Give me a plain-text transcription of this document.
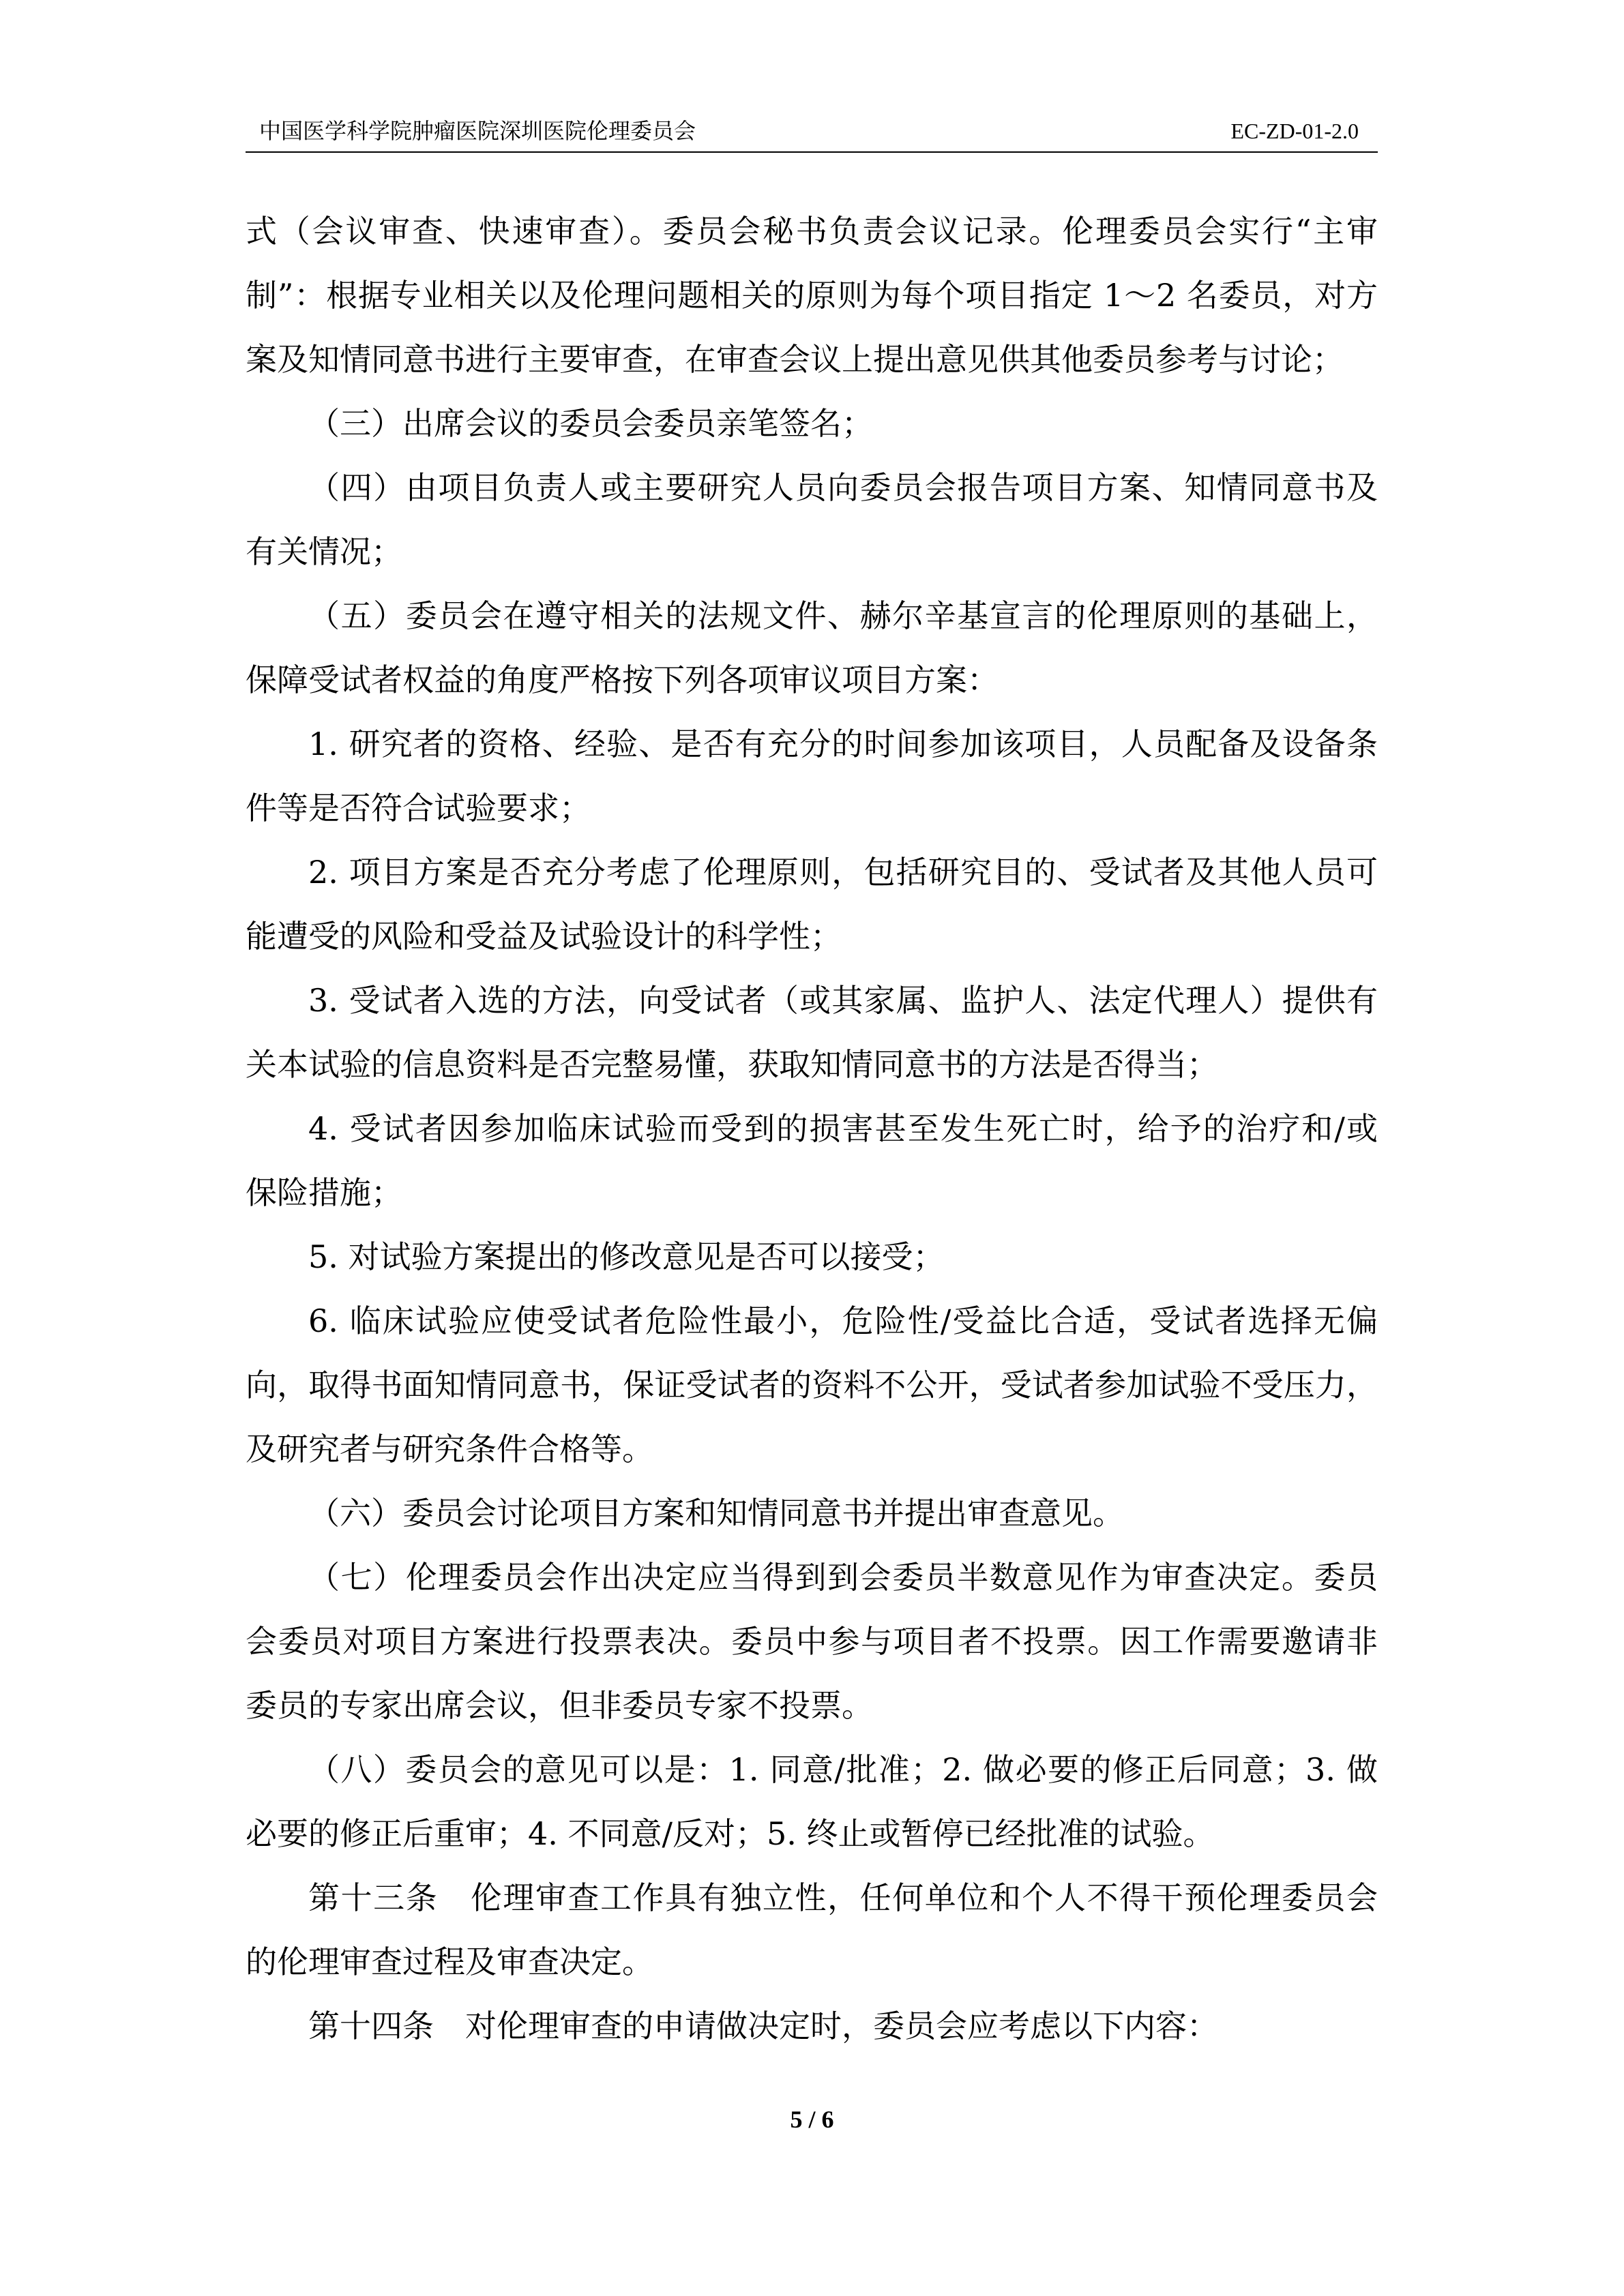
中国医学科学院肿瘤医院深圳医院伦理委员会	EC-ZD-01-2.0

式（会议审查、快速审查）。委员会秘书负责会议记录。伦理委员会实行“主审

制”：根据专业相关以及伦理问题相关的原则为每个项目指定 1～2 名委员，对方

案及知情同意书进行主要审查，在审查会议上提出意见供其他委员参考与讨论；

（三）出席会议的委员会委员亲笔签名；

（四）由项目负责人或主要研究人员向委员会报告项目方案、知情同意书及

有关情况；

（五）委员会在遵守相关的法规文件、赫尔辛基宣言的伦理原则的基础上，

保障受试者权益的角度严格按下列各项审议项目方案：

1. 研究者的资格、经验、是否有充分的时间参加该项目，人员配备及设备条

件等是否符合试验要求；

2. 项目方案是否充分考虑了伦理原则，包括研究目的、受试者及其他人员可

能遭受的风险和受益及试验设计的科学性；

3. 受试者入选的方法，向受试者（或其家属、监护人、法定代理人）提供有

关本试验的信息资料是否完整易懂，获取知情同意书的方法是否得当；

4. 受试者因参加临床试验而受到的损害甚至发生死亡时，给予的治疗和/或

保险措施；

5. 对试验方案提出的修改意见是否可以接受；

6. 临床试验应使受试者危险性最小，危险性/受益比合适，受试者选择无偏

向，取得书面知情同意书，保证受试者的资料不公开，受试者参加试验不受压力，

及研究者与研究条件合格等。

（六）委员会讨论项目方案和知情同意书并提出审查意见。

（七）伦理委员会作出决定应当得到到会委员半数意见作为审查决定。委员

会委员对项目方案进行投票表决。委员中参与项目者不投票。因工作需要邀请非

委员的专家出席会议，但非委员专家不投票。

（八）委员会的意见可以是：1. 同意/批准；2. 做必要的修正后同意；3. 做

必要的修正后重审；4. 不同意/反对；5. 终止或暂停已经批准的试验。

第十三条　伦理审查工作具有独立性，任何单位和个人不得干预伦理委员会

的伦理审查过程及审查决定。

第十四条　对伦理审查的申请做决定时，委员会应考虑以下内容：

5 / 6
